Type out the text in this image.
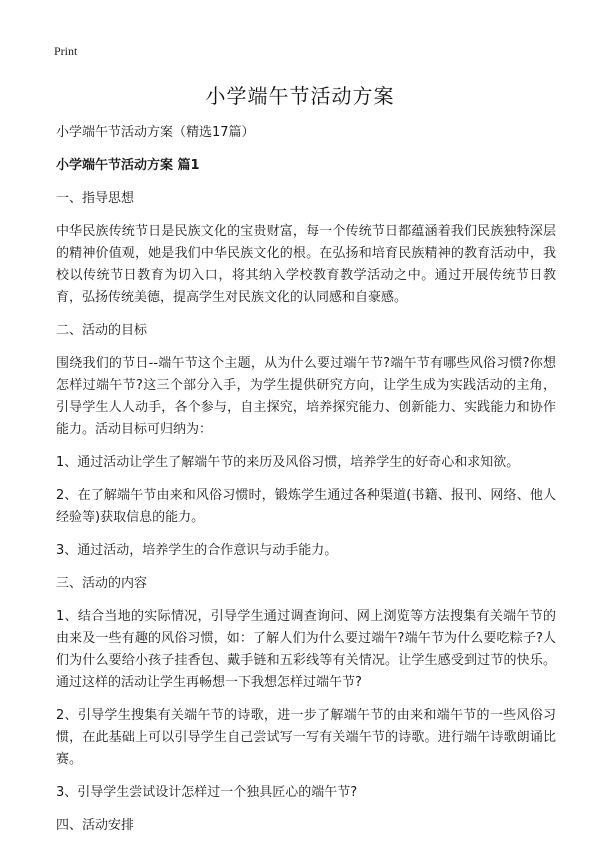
Print
小学端午节活动方案
小学端午节活动方案（精选17篇）
小学端午节活动方案 篇1
一、指导思想
中华民族传统节日是民族文化的宝贵财富，每一个传统节日都蕴涵着我们民族独特深层的精神价值观，她是我们中华民族文化的根。在弘扬和培育民族精神的教育活动中，我校以传统节日教育为切入口，将其纳入学校教育教学活动之中。通过开展传统节日教育，弘扬传统美德，提高学生对民族文化的认同感和自豪感。
二、活动的目标
围绕我们的节日--端午节这个主题，从为什么要过端午节?端午节有哪些风俗习惯?你想怎样过端午节?这三个部分入手，为学生提供研究方向，让学生成为实践活动的主角，引导学生人人动手，各个参与，自主探究，培养探究能力、创新能力、实践能力和协作能力。活动目标可归纳为：
1、通过活动让学生了解端午节的来历及风俗习惯，培养学生的好奇心和求知欲。
2、在了解端午节由来和风俗习惯时，锻炼学生通过各种渠道(书籍、报刊、网络、他人经验等)获取信息的能力。
3、通过活动，培养学生的合作意识与动手能力。
三、活动的内容
1、结合当地的实际情况，引导学生通过调查询问、网上浏览等方法搜集有关端午节的由来及一些有趣的风俗习惯，如：了解人们为什么要过端午?端午节为什么要吃粽子?人们为什么要给小孩子挂香包、戴手链和五彩线等有关情况。让学生感受到过节的快乐。通过这样的活动让学生再畅想一下我想怎样过端午节?
2、引导学生搜集有关端午节的诗歌，进一步了解端午节的由来和端午节的一些风俗习惯，在此基础上可以引导学生自己尝试写一写有关端午节的诗歌。进行端午诗歌朗诵比赛。
3、引导学生尝试设计怎样过一个独具匠心的端午节?
四、活动安排
